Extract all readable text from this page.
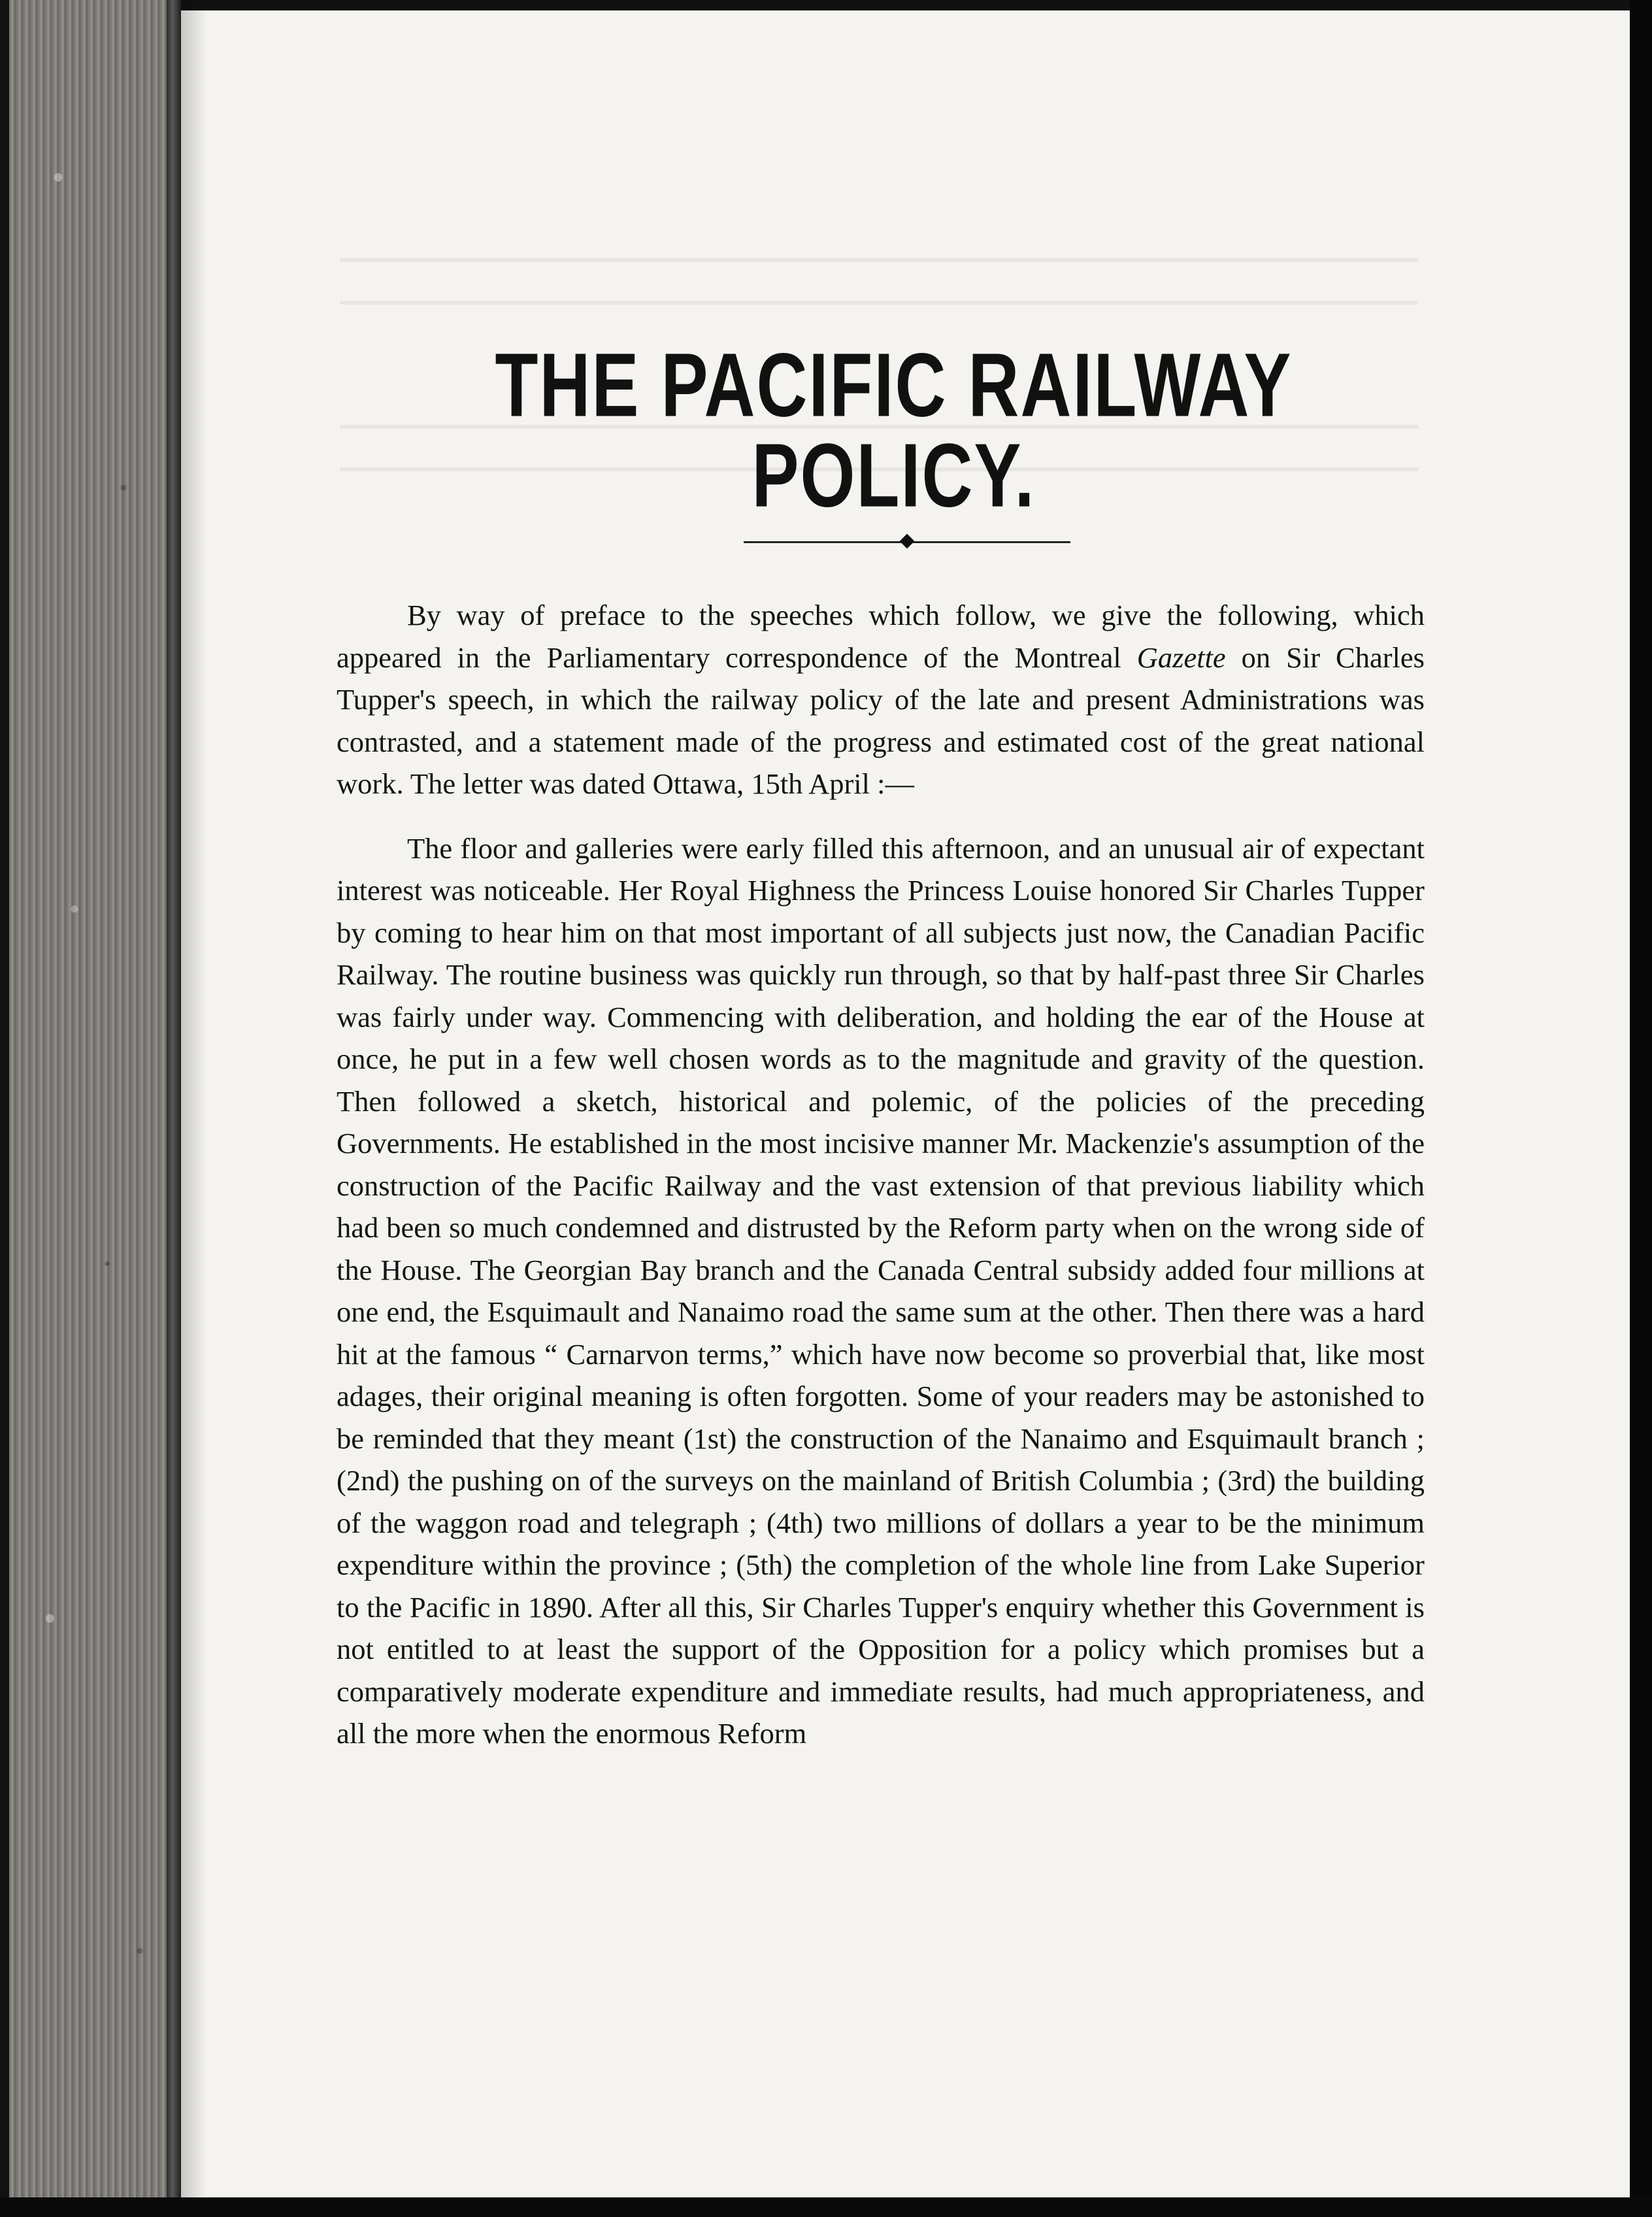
THE PACIFIC RAILWAY POLICY.

By way of preface to the speeches which follow, we give the following, which appeared in the Parliamentary correspondence of the Montreal Gazette on Sir Charles Tupper's speech, in which the railway policy of the late and present Administrations was contrasted, and a statement made of the progress and estimated cost of the great national work. The letter was dated Ottawa, 15th April :—

The floor and galleries were early filled this afternoon, and an unusual air of expectant interest was noticeable. Her Royal Highness the Princess Louise honored Sir Charles Tupper by coming to hear him on that most important of all subjects just now, the Canadian Pacific Railway. The routine business was quickly run through, so that by half-past three Sir Charles was fairly under way. Commencing with deliberation, and holding the ear of the House at once, he put in a few well chosen words as to the magnitude and gravity of the question. Then followed a sketch, historical and polemic, of the policies of the preceding Governments. He established in the most incisive manner Mr. Mackenzie's assumption of the construction of the Pacific Railway and the vast extension of that previous liability which had been so much condemned and distrusted by the Reform party when on the wrong side of the House. The Georgian Bay branch and the Canada Central subsidy added four millions at one end, the Esquimault and Nanaimo road the same sum at the other. Then there was a hard hit at the famous “ Carnarvon terms,” which have now become so proverbial that, like most adages, their original meaning is often forgotten. Some of your readers may be astonished to be reminded that they meant (1st) the construction of the Nanaimo and Esquimault branch ; (2nd) the pushing on of the surveys on the mainland of British Columbia ; (3rd) the building of the waggon road and telegraph ; (4th) two millions of dollars a year to be the minimum expenditure within the province ; (5th) the completion of the whole line from Lake Superior to the Pacific in 1890. After all this, Sir Charles Tupper's enquiry whether this Government is not entitled to at least the support of the Opposition for a policy which promises but a comparatively moderate expenditure and immediate results, had much appropriateness, and all the more when the enormous Reform
